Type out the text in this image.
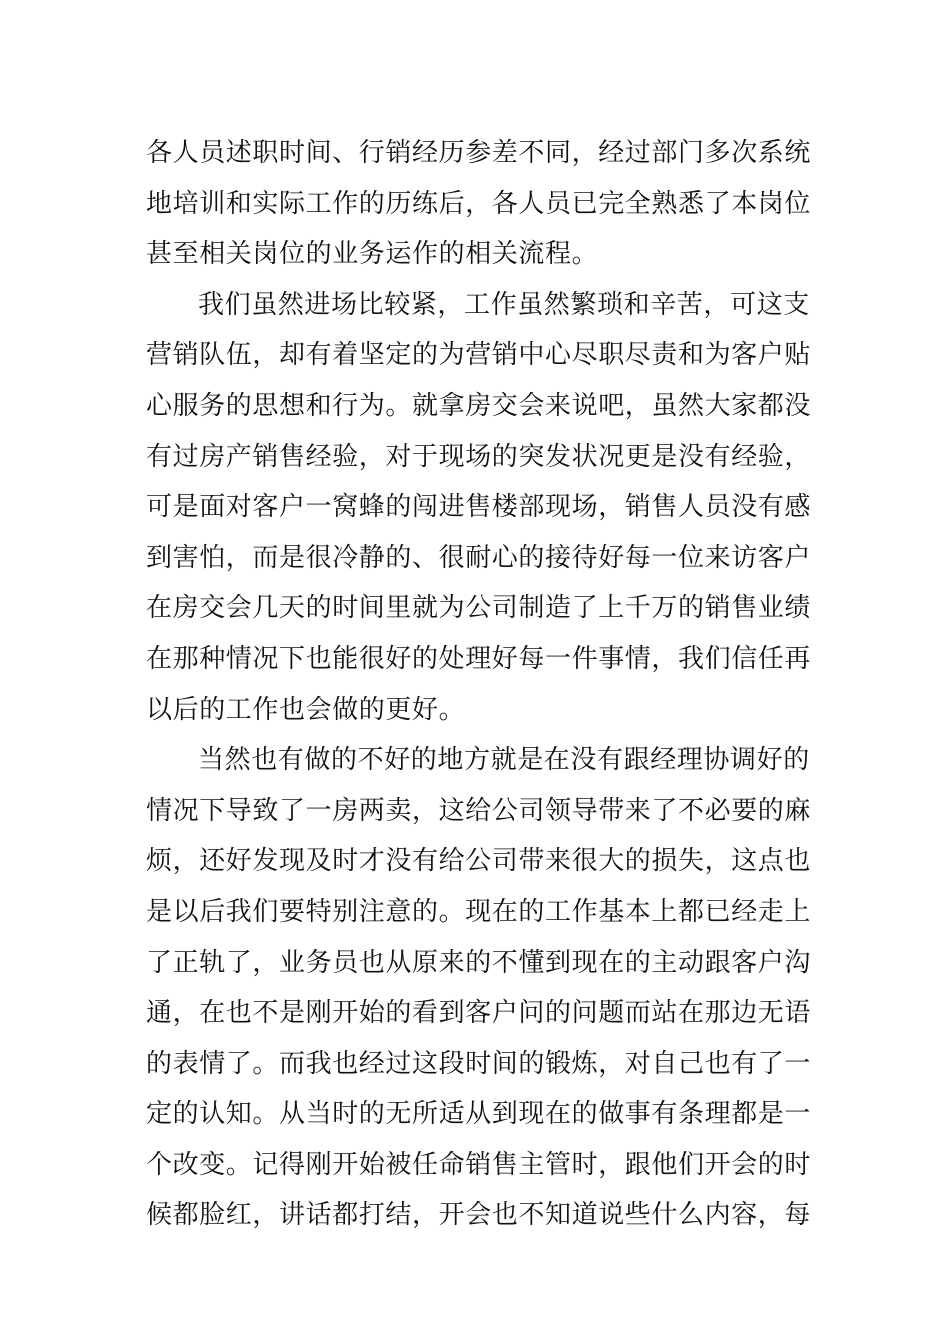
各人员述职时间、行销经历参差不同，经过部门多次系统
地培训和实际工作的历练后，各人员已完全熟悉了本岗位
甚至相关岗位的业务运作的相关流程。
我们虽然进场比较紧，工作虽然繁琐和辛苦，可这支
营销队伍，却有着坚定的为营销中心尽职尽责和为客户贴
心服务的思想和行为。就拿房交会来说吧，虽然大家都没
有过房产销售经验，对于现场的突发状况更是没有经验，
可是面对客户一窝蜂的闯进售楼部现场，销售人员没有感
到害怕，而是很冷静的、很耐心的接待好每一位来访客户
在房交会几天的时间里就为公司制造了上千万的销售业绩
在那种情况下也能很好的处理好每一件事情，我们信任再
以后的工作也会做的更好。
当然也有做的不好的地方就是在没有跟经理协调好的
情况下导致了一房两卖，这给公司领导带来了不必要的麻
烦，还好发现及时才没有给公司带来很大的损失，这点也
是以后我们要特别注意的。现在的工作基本上都已经走上
了正轨了，业务员也从原来的不懂到现在的主动跟客户沟
通，在也不是刚开始的看到客户问的问题而站在那边无语
的表情了。而我也经过这段时间的锻炼，对自己也有了一
定的认知。从当时的无所适从到现在的做事有条理都是一
个改变。记得刚开始被任命销售主管时，跟他们开会的时
候都脸红，讲话都打结，开会也不知道说些什么内容，每
